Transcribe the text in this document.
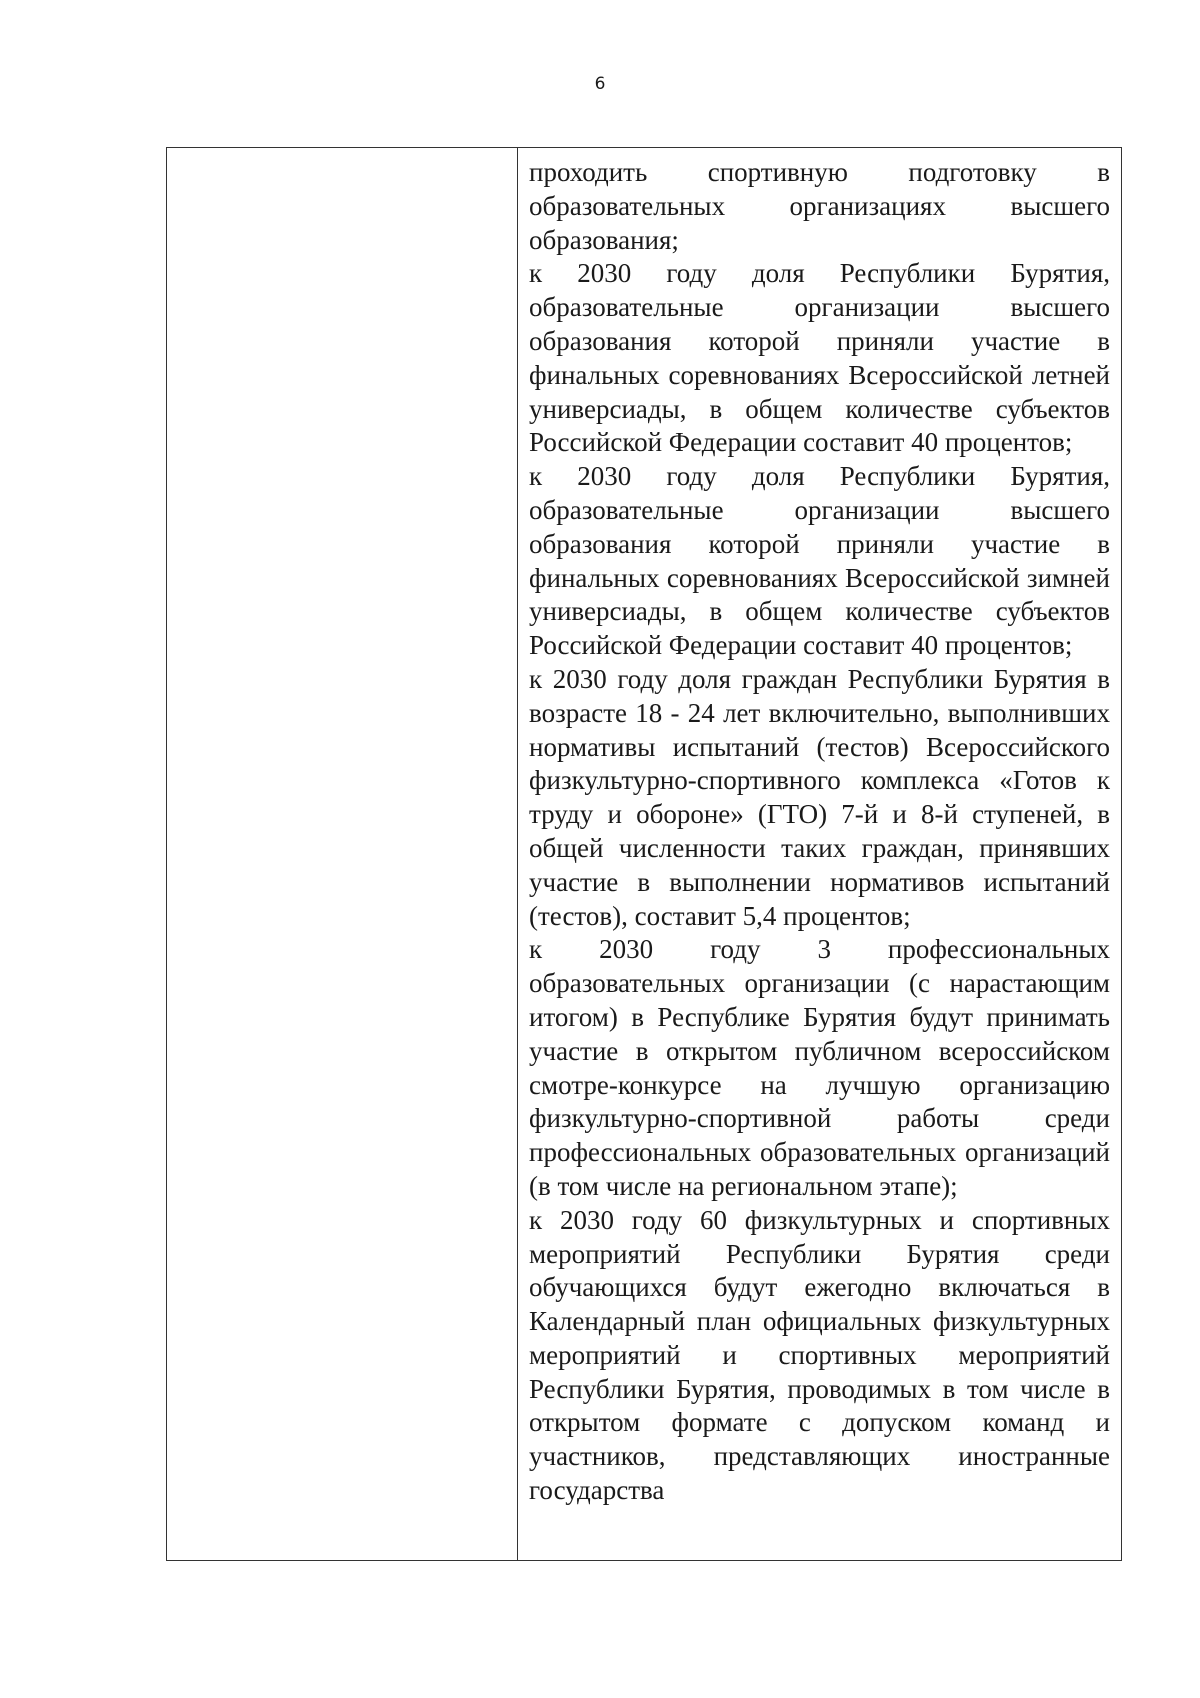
6

проходить спортивную подготовку в образовательных организациях высшего образования;

к 2030 году доля Республики Бурятия, образовательные организации высшего образования которой приняли участие в финальных соревнованиях Всероссийской летней универсиады, в общем количестве субъектов Российской Федерации составит 40 процентов;

к 2030 году доля Республики Бурятия, образовательные организации высшего образования которой приняли участие в финальных соревнованиях Всероссийской зимней универсиады, в общем количестве субъектов Российской Федерации составит 40 процентов;

к 2030 году доля граждан Республики Бурятия в возрасте 18 - 24 лет включительно, выполнивших нормативы испытаний (тестов) Всероссийского физкультурно-спортивного комплекса «Готов к труду и обороне» (ГТО) 7-й и 8-й ступеней, в общей численности таких граждан, принявших участие в выполнении нормативов испытаний (тестов), составит 5,4 процентов;

к 2030 году 3 профессиональных образовательных организации (с нарастающим итогом) в Республике Бурятия будут принимать участие в открытом публичном всероссийском смотре-конкурсе на лучшую организацию физкультурно-спортивной работы среди профессиональных образовательных организаций (в том числе на региональном этапе);

к 2030 году 60 физкультурных и спортивных мероприятий Республики Бурятия среди обучающихся будут ежегодно включаться в Календарный план официальных физкультурных мероприятий и спортивных мероприятий Республики Бурятия, проводимых в том числе в открытом формате с допуском команд и участников, представляющих иностранные государства
